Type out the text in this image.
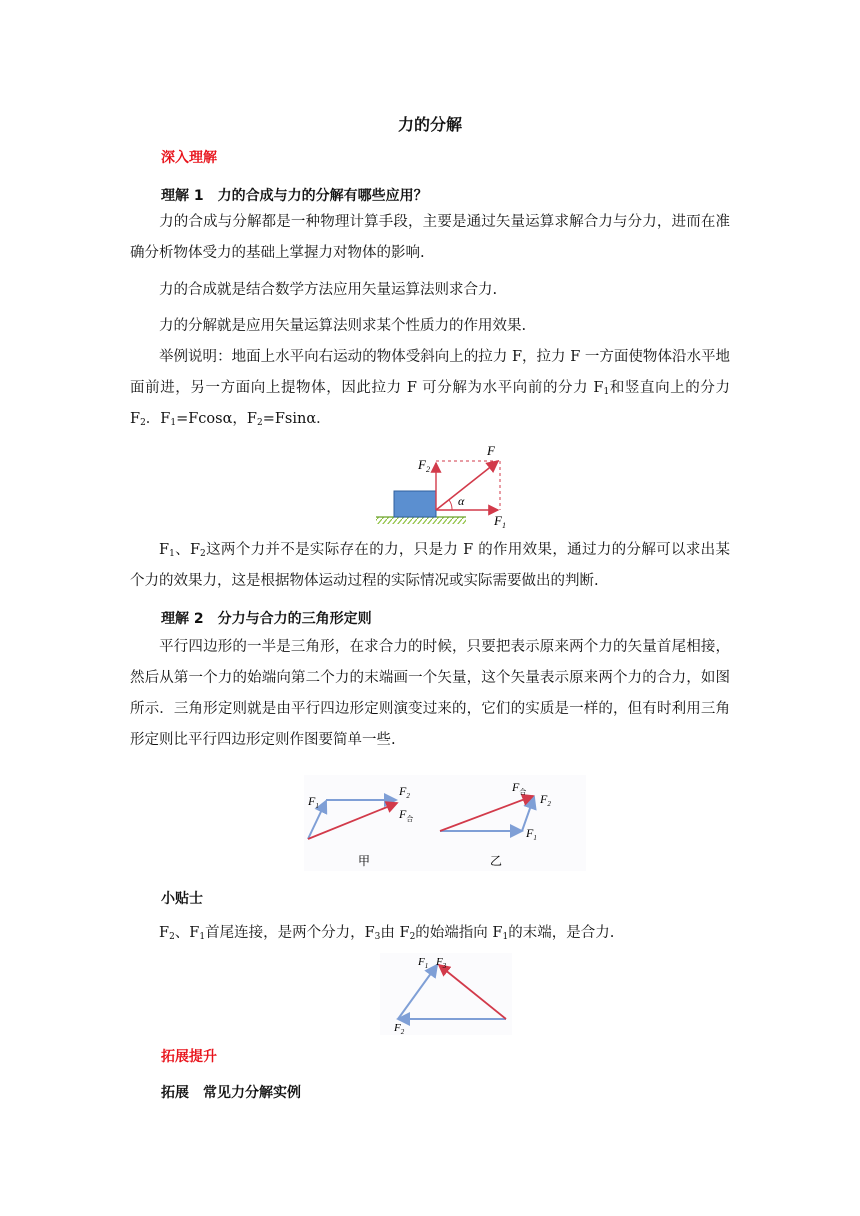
力的分解
深入理解
理解 1　力的合成与力的分解有哪些应用？

力的合成与分解都是一种物理计算手段，主要是通过矢量运算求解合力与分力，进而在准确分析物体受力的基础上掌握力对物体的影响.

力的合成就是结合数学方法应用矢量运算法则求合力.

力的分解就是应用矢量运算法则求某个性质力的作用效果.

举例说明：地面上水平向右运动的物体受斜向上的拉力 F，拉力 F 一方面使物体沿水平地面前进，另一方面向上提物体，因此拉力 F 可分解为水平向前的分力 $F_1$和竖直向上的分力 $F_2$．$F_1=Fcos\alpha$，$F_2=Fsin\alpha$．

$F_2$
F
α
$F_1$

$F_1$、$F_2$这两个力并不是实际存在的力，只是力 F 的作用效果，通过力的分解可以求出某个力的效果力，这是根据物体运动过程的实际情况或实际需要做出的判断.

理解 2　分力与合力的三角形定则

平行四边形的一半是三角形，在求合力的时候，只要把表示原来两个力的矢量首尾相接，然后从第一个力的始端向第二个力的末端画一个矢量，这个矢量表示原来两个力的合力，如图所示．三角形定则就是由平行四边形定则演变过来的，它们的实质是一样的，但有时利用三角形定则比平行四边形定则作图要简单一些.

$F_1$
$F_2$
$F_合$
甲
$F_合$ $F_2$
$F_1$
乙
小贴士

$F_2$、$F_1$首尾连接，是两个分力，$F_3$由 $F_2$的始端指向 $F_1$的末端，是合力.

$F_1$ $F_3$
$F_2$
拓展提升
拓展　常见力分解实例
